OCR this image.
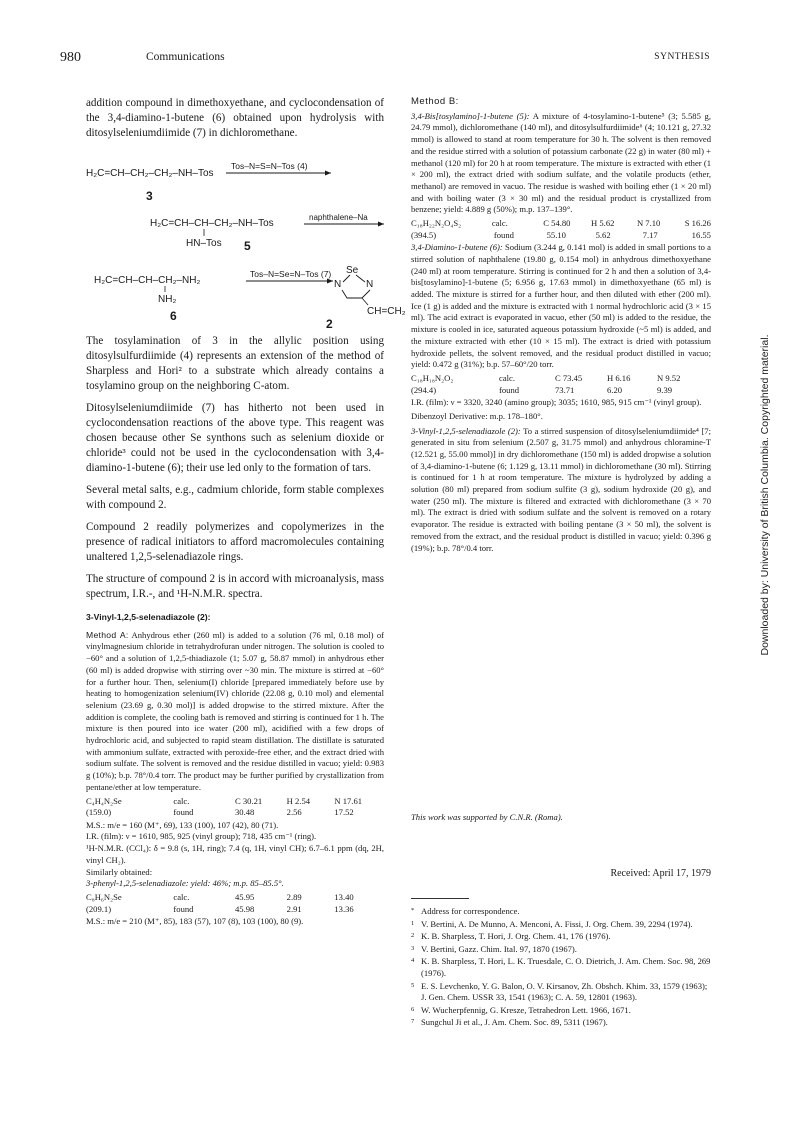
980	Communications	SYNTHESIS

addition compound in dimethoxyethane, and cyclocondensation of the 3,4-diamino-1-butene (6) obtained upon hydrolysis with ditosylseleniumdiimide (7) in dichloromethane.

H₂C=CH–CH₂–CH₂–NH–Tos
Tos–N=S=N–Tos (4)
3
H₂C=CH–CH–CH₂–NH–Tos
HN–Tos 5
naphthalene–Na
H₂C=CH–CH–CH₂–NH₂
NH₂
6
Tos–N=Se=N–Tos (7) Se
N N
CH=CH₂
2

The tosylamination of 3 in the allylic position using ditosylsulfurdiimide (4) represents an extension of the method of Sharpless and Hori² to a substrate which already contains a tosylamino group on the neighboring C-atom.

Ditosylseleniumdiimide (7) has hitherto not been used in cyclocondensation reactions of the above type. This reagent was chosen because other Se synthons such as selenium dioxide or chloride³ could not be used in the cyclocondensation with 3,4-diamino-1-butene (6); their use led only to the formation of tars.

Several metal salts, e.g., cadmium chloride, form stable complexes with compound 2.

Compound 2 readily polymerizes and copolymerizes in the presence of radical initiators to afford macromolecules containing unaltered 1,2,5-selenadiazole rings.

The structure of compound 2 is in accord with microanalysis, mass spectrum, I.R.-, and ¹H-N.M.R. spectra.

3-Vinyl-1,2,5-selenadiazole (2):

Method A: Anhydrous ether (260 ml) is added to a solution (76 ml, 0.18 mol) of vinylmagnesium chloride in tetrahydrofuran under nitrogen. The solution is cooled to −60° and a solution of 1,2,5-thiadiazole (1; 5.07 g, 58.87 mmol) in anhydrous ether (60 ml) is added dropwise with stirring over ~30 min. The mixture is stirred at −60° for a further hour. Then, selenium(I) chloride [prepared immediately before use by heating to homogenization selenium(IV) chloride (22.08 g, 0.10 mol) and elemental selenium (23.69 g, 0.30 mol)] is added dropwise to the stirred mixture. After the addition is complete, the cooling bath is removed and stirring is continued for 1 h. The mixture is then poured into ice water (200 ml), acidified with a few drops of hydrochloric acid, and subjected to rapid steam distillation. The distillate is saturated with ammonium sulfate, extracted with peroxide-free ether, and the extract dried with sodium sulfate. The solvent is removed and the residue distilled in vacuo; yield: 0.983 g (10%); b.p. 78°/0.4 torr. The product may be further purified by crystallization from pentane/ether at low temperature.

C₄H₄N₂Se	calc.	C 30.21	H 2.54	N 17.61
(159.0)	found	30.48	2.56	17.52

M.S.: m/e = 160 (M⁺, 69), 133 (100), 107 (42), 80 (71).

I.R. (film): ν = 1610, 985, 925 (vinyl group); 718, 435 cm⁻¹ (ring).

¹H-N.M.R. (CCl₄): δ = 9.8 (s, 1H, ring); 7.4 (q, 1H, vinyl CH); 6.7–6.1 ppm (dq, 2H, vinyl CH₂).

Similarly obtained:

3-phenyl-1,2,5-selenadiazole: yield: 46%; m.p. 85–85.5°.

C₈H₆N₂Se	calc.	45.95	2.89	13.40
(209.1)	found	45.98	2.91	13.36

M.S.: m/e = 210 (M⁺, 85), 183 (57), 107 (8), 103 (100), 80 (9).

Method B:

3,4-Bis[tosylamino]-1-butene (5): A mixture of 4-tosylamino-1-butene⁵ (3; 5.585 g, 24.79 mmol), dichloromethane (140 ml), and ditosylsulfurdiimide⁶ (4; 10.121 g, 27.32 mmol) is allowed to stand at room temperature for 30 h. The solvent is then removed and the residue stirred with a solution of potassium carbonate (22 g) in water (80 ml) + methanol (120 ml) for 20 h at room temperature. The mixture is extracted with ether (1 × 200 ml), the extract dried with sodium sulfate, and the volatile products (ether, methanol) are removed in vacuo. The residue is washed with boiling ether (1 × 20 ml) and with boiling water (3 × 30 ml) and the residual product is crystallized from benzene; yield: 4.889 g (50%); m.p. 137–139°.

C₁₈H₂₂N₂O₄S₂	calc.	C 54.80	H 5.62	N 7.10	S 16.26
(394.5)	found	55.10	5.62	7.17	16.55

3,4-Diamino-1-butene (6): Sodium (3.244 g, 0.141 mol) is added in small portions to a stirred solution of naphthalene (19.80 g, 0.154 mol) in anhydrous dimethoxyethane (240 ml) at room temperature. Stirring is continued for 2 h and then a solution of 3,4-bis[tosylamino]-1-butene (5; 6.956 g, 17.63 mmol) in dimethoxyethane (65 ml) is added. The mixture is stirred for a further hour, and then diluted with ether (200 ml). Ice (1 g) is added and the mixture is extracted with 1 normal hydrochloric acid (3 × 15 ml). The acid extract is evaporated in vacuo, ether (50 ml) is added to the residue, the mixture is cooled in ice, saturated aqueous potassium hydroxide (~5 ml) is added, and the mixture extracted with ether (10 × 15 ml). The extract is dried with potassium hydroxide pellets, the solvent removed, and the residual product distilled in vacuo; yield: 0.472 g (31%); b.p. 57–60°/20 torr.

C₁₈H₁₈N₂O₂	calc.	C 73.45	H 6.16	N 9.52
(294.4)	found	73.71	6.20	9.39

I.R. (film): ν = 3320, 3240 (amino group); 3035; 1610, 985, 915 cm⁻¹ (vinyl group).

Dibenzoyl Derivative: m.p. 178–180°.

3-Vinyl-1,2,5-selenadiazole (2): To a stirred suspension of ditosylseleniumdiimide⁴ [7; generated in situ from selenium (2.507 g, 31.75 mmol) and anhydrous chloramine-T (12.521 g, 55.00 mmol)] in dry dichloromethane (150 ml) is added dropwise a solution of 3,4-diamino-1-butene (6; 1.129 g, 13.11 mmol) in dichloromethane (30 ml). Stirring is continued for 1 h at room temperature. The mixture is hydrolyzed by adding a solution (80 ml) prepared from sodium sulfite (3 g), sodium hydroxide (20 g), and water (250 ml). The mixture is filtered and extracted with dichloromethane (3 × 70 ml). The extract is dried with sodium sulfate and the solvent is removed on a rotary evaporator. The residue is extracted with boiling pentane (3 × 50 ml), the solvent is removed from the extract, and the residual product is distilled in vacuo; yield: 0.396 g (19%); b.p. 78°/0.4 torr.

This work was supported by C.N.R. (Roma).
Received: April 17, 1979
* Address for correspondence.
1 V. Bertini, A. De Munno, A. Menconi, A. Fissi, J. Org. Chem. 39, 2294 (1974).
2 K. B. Sharpless, T. Hori, J. Org. Chem. 41, 176 (1976).
3 V. Bertini, Gazz. Chim. Ital. 97, 1870 (1967).
4 K. B. Sharpless, T. Hori, L. K. Truesdale, C. O. Dietrich, J. Am. Chem. Soc. 98, 269 (1976).
5 E. S. Levchenko, Y. G. Balon, O. V. Kirsanov, Zh. Obshch. Khim. 33, 1579 (1963); J. Gen. Chem. USSR 33, 1541 (1963); C. A. 59, 12801 (1963).
6 W. Wucherpfennig, G. Kresze, Tetrahedron Lett. 1966, 1671.
7 Sungchul Ji et al., J. Am. Chem. Soc. 89, 5311 (1967).
Downloaded by: University of British Columbia. Copyrighted material.
